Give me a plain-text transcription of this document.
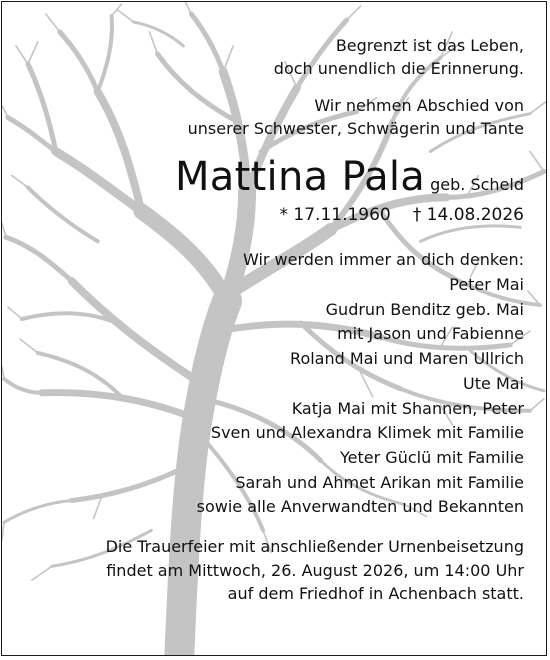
Begrenzt ist das Leben,
doch unendlich die Erinnerung.
Wir nehmen Abschied von
unserer Schwester, Schwägerin und Tante
Mattina Pala geb. Scheld
* 17.11.1960 † 14.08.2026
Wir werden immer an dich denken:
Peter Mai
Gudrun Benditz geb. Mai
mit Jason und Fabienne
Roland Mai und Maren Ullrich
Ute Mai
Katja Mai mit Shannen, Peter
Sven und Alexandra Klimek mit Familie
Yeter Güclü mit Familie
Sarah und Ahmet Arikan mit Familie
sowie alle Anverwandten und Bekannten
Die Trauerfeier mit anschließender Urnenbeisetzung
findet am Mittwoch, 26. August 2026, um 14:00 Uhr
auf dem Friedhof in Achenbach statt.
